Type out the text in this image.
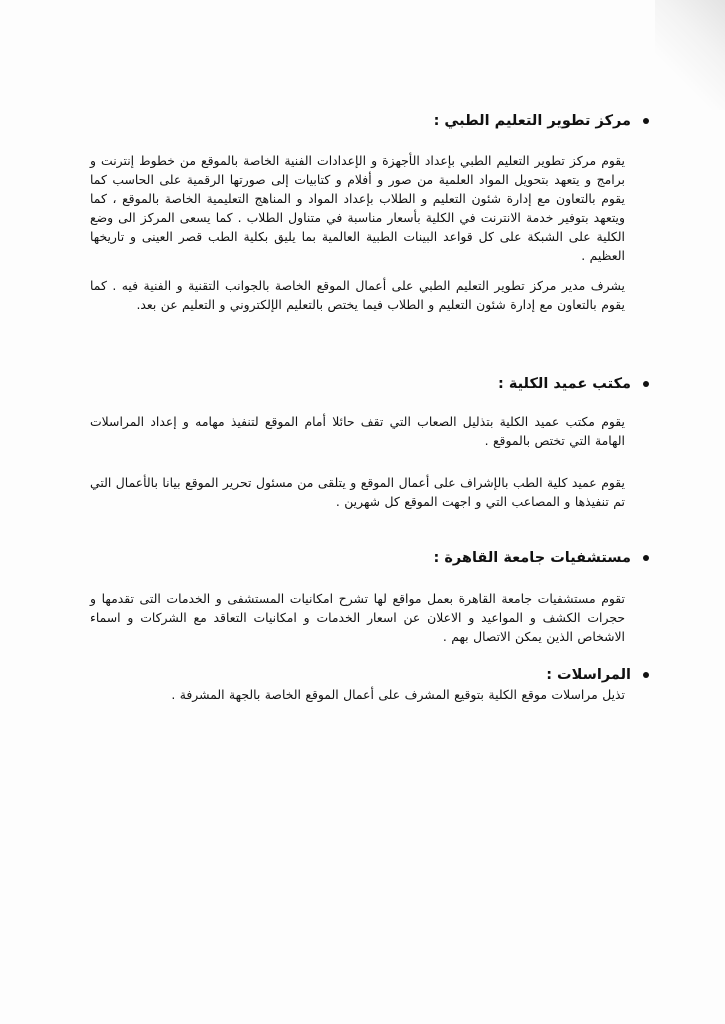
مركز تطوير التعليم الطبي :

يقوم مركز تطوير التعليم الطبي بإعداد الأجهزة و الإعدادات الفنية الخاصة بالموقع من خطوط إنترنت و برامج و يتعهد بتحويل المواد العلمية من صور و أفلام و كتابيات إلى صورتها الرقمية على الحاسب كما يقوم بالتعاون مع إدارة شئون التعليم و الطلاب بإعداد المواد و المناهج التعليمية الخاصة بالموقع ، كما ويتعهد بتوفير خدمة الانترنت في الكلية بأسعار مناسبة في متناول الطلاب . كما يسعى المركز الى وضع الكلية على الشبكة على كل قواعد البينات الطبية العالمية بما يليق بكلية الطب قصر العينى و تاريخها العظيم .

يشرف مدير مركز تطوير التعليم الطبي على أعمال الموقع الخاصة بالجوانب التقنية و الفنية فيه . كما يقوم بالتعاون مع إدارة شئون التعليم و الطلاب فيما يختص بالتعليم الإلكتروني و التعليم عن بعد.

مكتب عميد الكلية :

يقوم مكتب عميد الكلية بتذليل الصعاب التي تقف حائلا أمام الموقع لتنفيذ مهامه و إعداد المراسلات الهامة التي تختص بالموقع .

يقوم عميد كلية الطب بالإشراف على أعمال الموقع و يتلقى من مسئول تحرير الموقع بيانا بالأعمال التي تم تنفيذها و المصاعب التي و اجهت الموقع كل شهرين .

مستشفيات جامعة القاهرة :

تقوم مستشفيات جامعة القاهرة بعمل مواقع لها تشرح امكانيات المستشفى و الخدمات التى تقدمها و حجرات الكشف و المواعيد و الاعلان عن اسعار الخدمات و امكانيات التعاقد مع الشركات و اسماء الاشخاص الذين يمكن الاتصال بهم .

المراسلات :

تذيل مراسلات موقع الكلية بتوقيع المشرف على أعمال الموقع الخاصة بالجهة المشرفة .
